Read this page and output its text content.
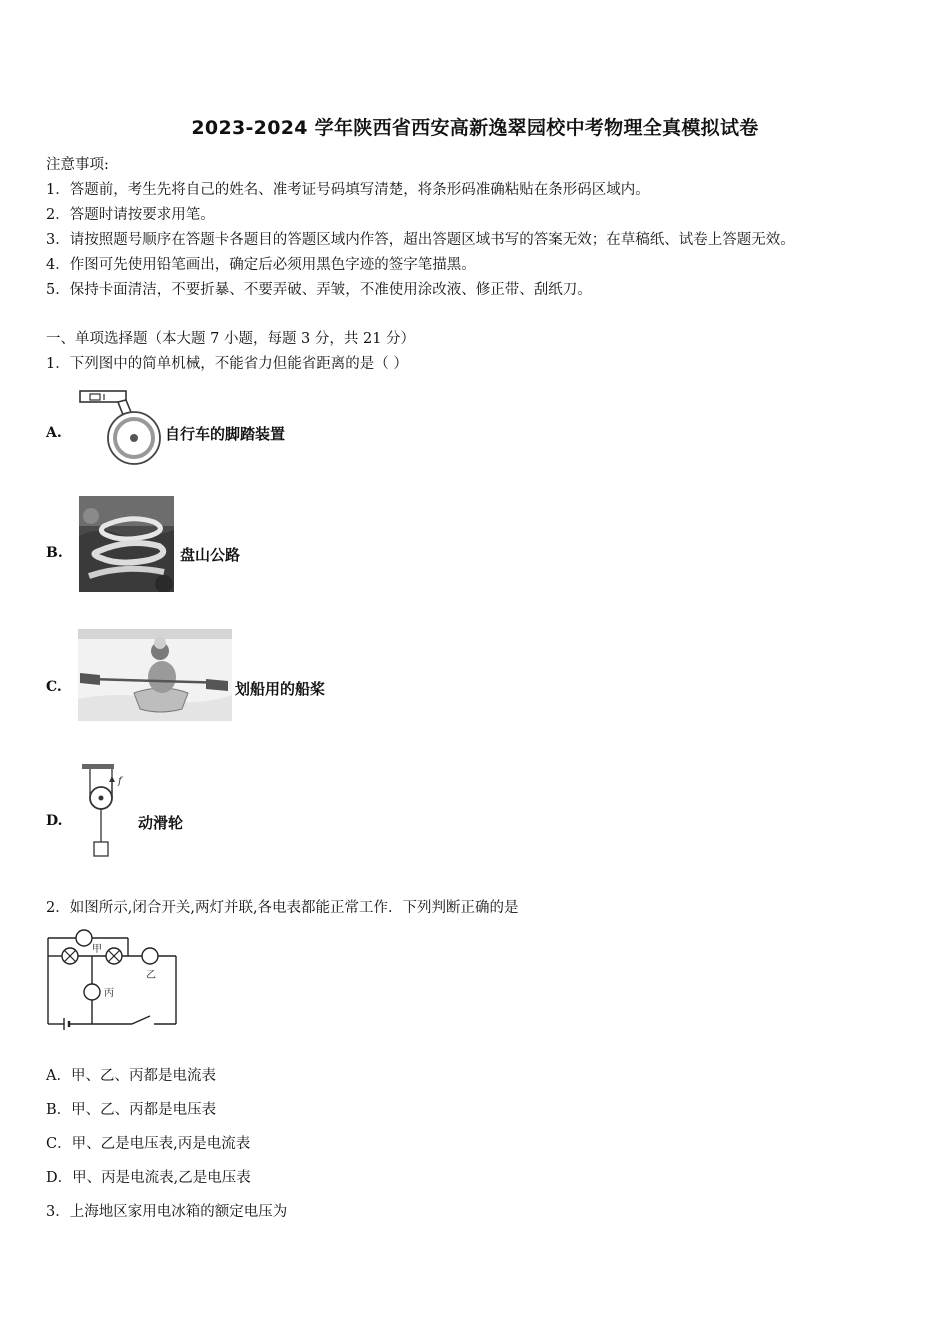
2023-2024 学年陕西省西安高新逸翠园校中考物理全真模拟试卷
注意事项:
1．答题前，考生先将自己的姓名、准考证号码填写清楚，将条形码准确粘贴在条形码区域内。
2．答题时请按要求用笔。
3．请按照题号顺序在答题卡各题目的答题区域内作答，超出答题区域书写的答案无效；在草稿纸、试卷上答题无效。
4．作图可先使用铅笔画出，确定后必须用黑色字迹的签字笔描黑。
5．保持卡面清洁，不要折暴、不要弄破、弄皱，不准使用涂改液、修正带、刮纸刀。
一、单项选择题（本大题 7 小题，每题 3 分，共 21 分）
1．下列图中的简单机械，不能省力但能省距离的是（ ）
A.	自行车的脚踏装置
B.	盘山公路
C.	划船用的船桨
D.
f
动滑轮
2．如图所示,闭合开关,两灯并联,各电表都能正常工作．下列判断正确的是
甲
乙
丙
A．甲、乙、丙都是电流表
B．甲、乙、丙都是电压表
C．甲、乙是电压表,丙是电流表
D．甲、丙是电流表,乙是电压表
3．上海地区家用电冰箱的额定电压为
